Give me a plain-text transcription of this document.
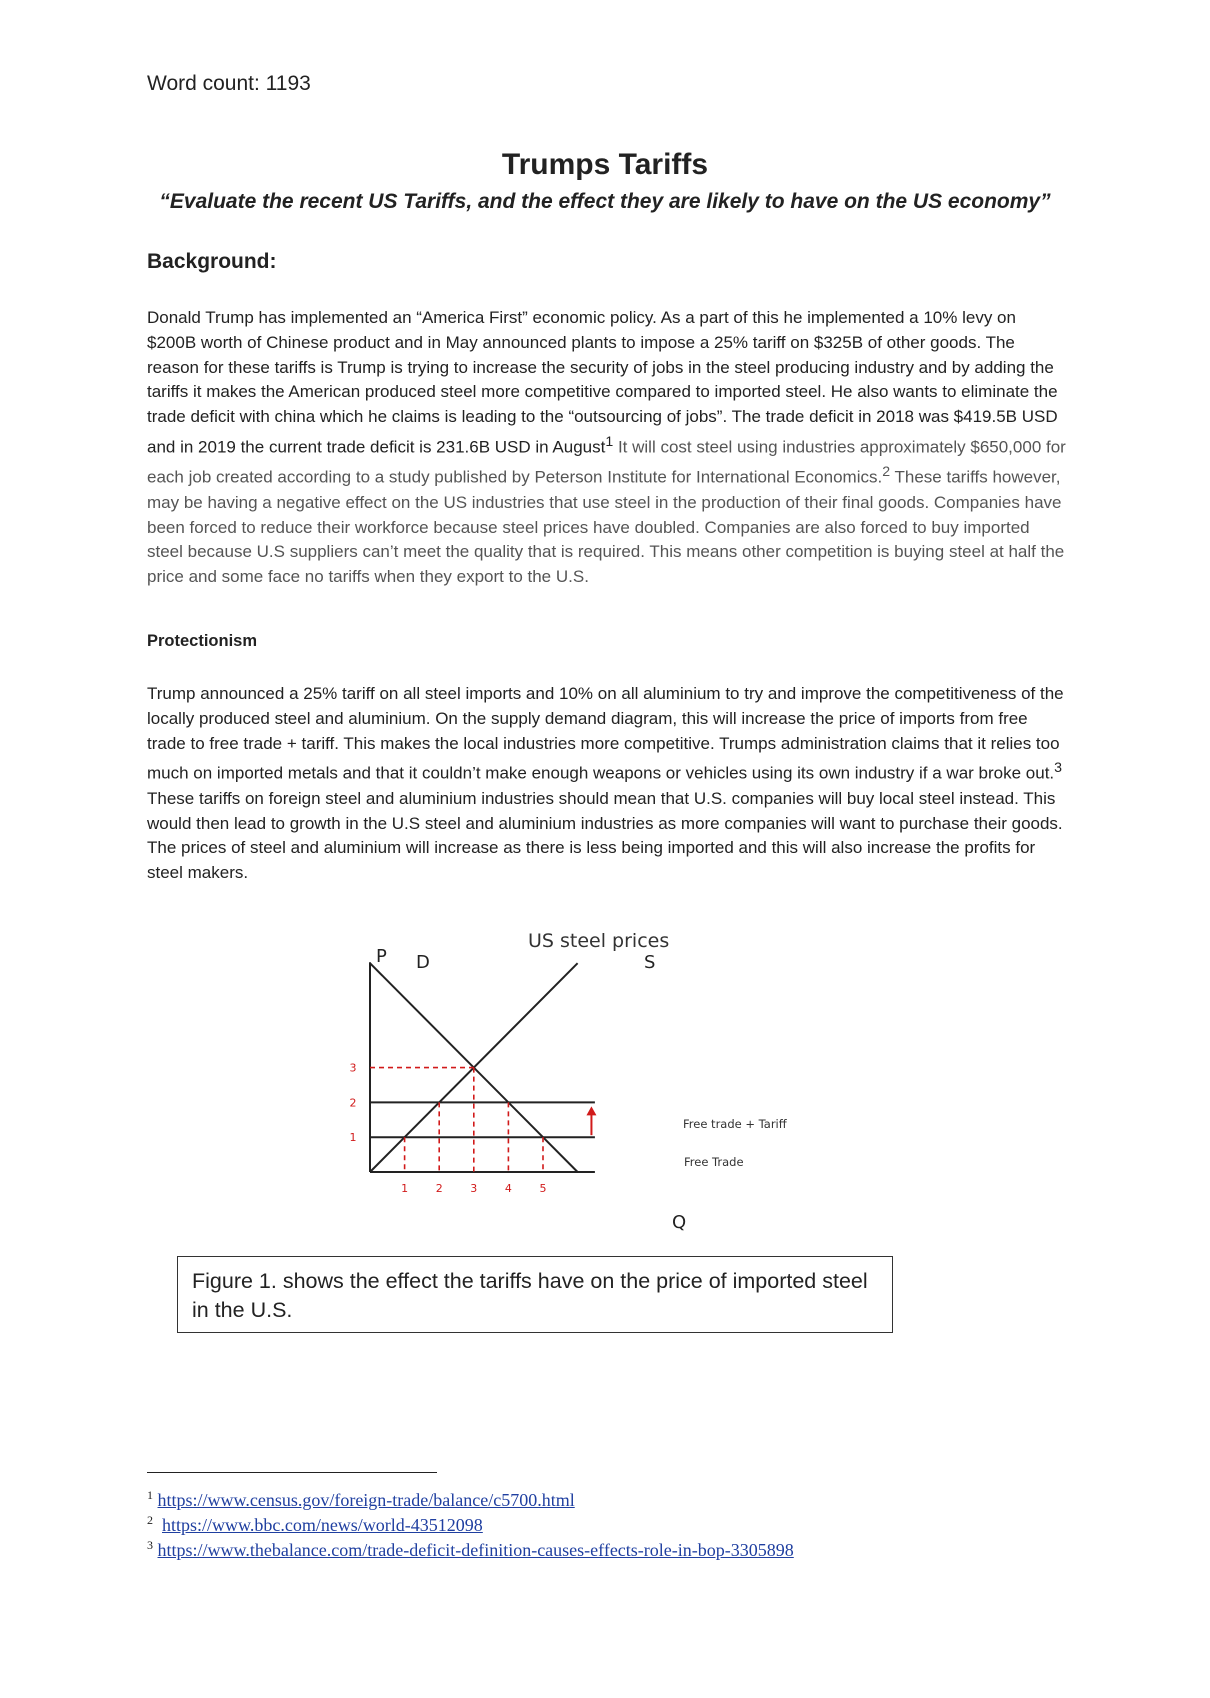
Word count: 1193
Trumps Tariffs
“Evaluate the recent US Tariffs, and the effect they are likely to have on the US economy”
Background:

Donald Trump has implemented an “America First” economic policy. As a part of this he implemented a 10% levy on $200B worth of Chinese product and in May announced plants to impose a 25% tariff on $325B of other goods. The reason for these tariffs is Trump is trying to increase the security of jobs in the steel producing industry and by adding the tariffs it makes the American produced steel more competitive compared to imported steel. He also wants to eliminate the trade deficit with china which he claims is leading to the “outsourcing of jobs”. The trade deficit in 2018 was $419.5B USD and in 2019 the current trade deficit is 231.6B USD in August$^1$ It will cost steel using industries approximately $650,000 for each job created according to a study published by Peterson Institute for International Economics.$^2$ These tariffs however, may be having a negative effect on the US industries that use steel in the production of their final goods. Companies have been forced to reduce their workforce because steel prices have doubled. Companies are also forced to buy imported steel because U.S suppliers can’t meet the quality that is required. This means other competition is buying steel at half the price and some face no tariffs when they export to the U.S.

Protectionism

Trump announced a 25% tariff on all steel imports and 10% on all aluminium to try and improve the competitiveness of the locally produced steel and aluminium. On the supply demand diagram, this will increase the price of imports from free trade to free trade + tariff. This makes the local industries more competitive. Trumps administration claims that it relies too much on imported metals and that it couldn’t make enough weapons or vehicles using its own industry if a war broke out.$^3$ These tariffs on foreign steel and aluminium industries should mean that U.S. companies will buy local steel instead. This would then lead to growth in the U.S steel and aluminium industries as more companies will want to purchase their goods. The prices of steel and aluminium will increase as there is less being imported and this will also increase the profits for steel makers.

US steel prices
P
Q
D	S
Free trade + Tariff
Free Trade
1	2	3	4	5
1
2
3
Figure 1. shows the effect the tariffs have on the price of imported steel in the U.S.
$^1$ https://www.census.gov/foreign-trade/balance/c5700.html
$^2$ https://www.bbc.com/news/world-43512098
$^3$ https://www.thebalance.com/trade-deficit-definition-causes-effects-role-in-bop-3305898
